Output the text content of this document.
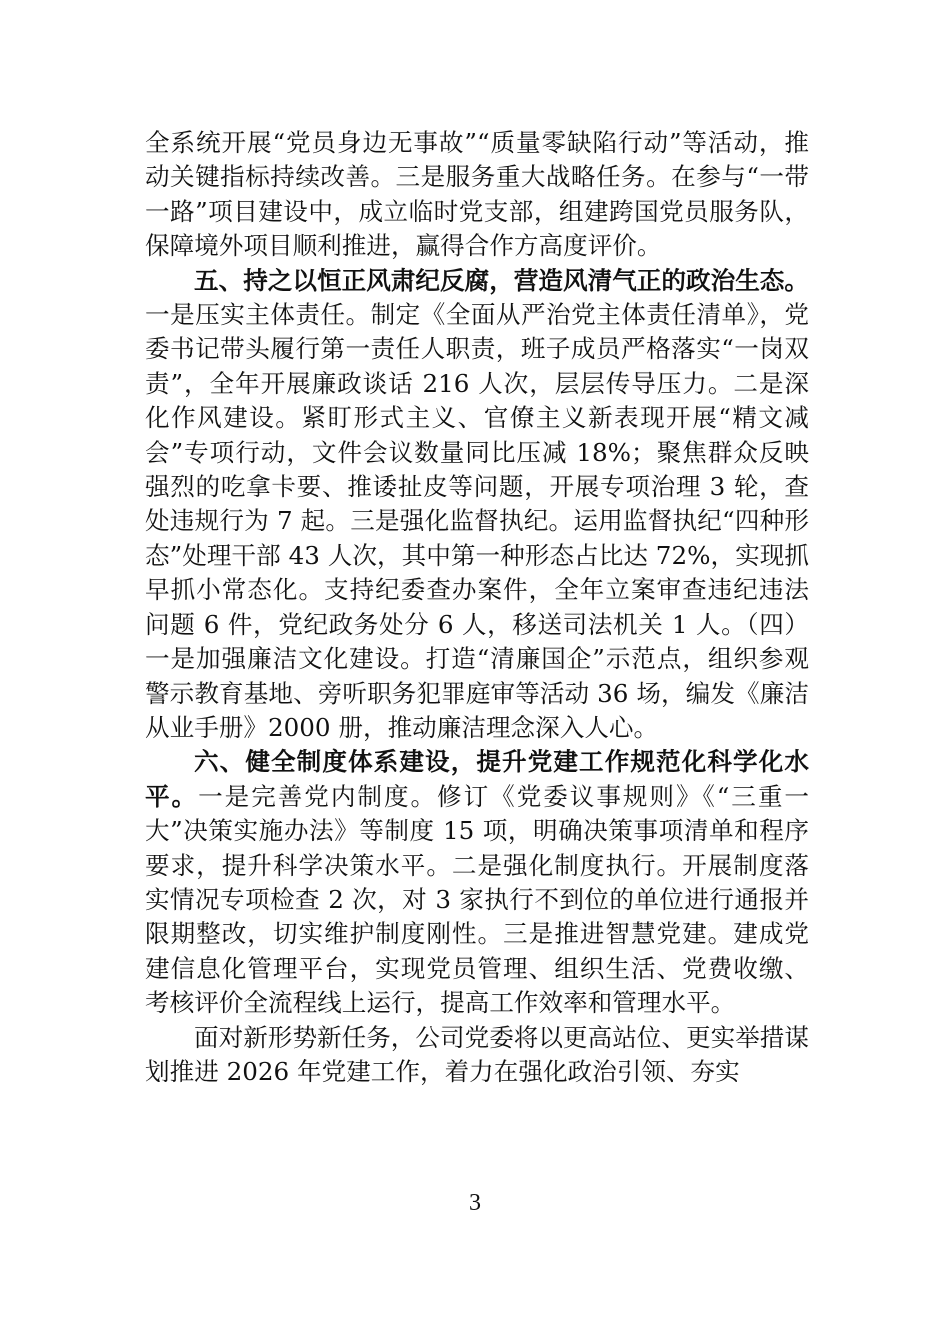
全系统开展“党员身边无事故”“质量零缺陷行动”等活动，推动关键指标持续改善。三是服务重大战略任务。在参与“一带一路”项目建设中，成立临时党支部，组建跨国党员服务队，保障境外项目顺利推进，赢得合作方高度评价。

五、持之以恒正风肃纪反腐，营造风清气正的政治生态。一是压实主体责任。制定《全面从严治党主体责任清单》，党委书记带头履行第一责任人职责，班子成员严格落实“一岗双责”，全年开展廉政谈话 216 人次，层层传导压力。二是深化作风建设。紧盯形式主义、官僚主义新表现开展“精文减会”专项行动，文件会议数量同比压减 18%；聚焦群众反映强烈的吃拿卡要、推诿扯皮等问题，开展专项治理 3 轮，查处违规行为 7 起。三是强化监督执纪。运用监督执纪“四种形态”处理干部 43 人次，其中第一种形态占比达 72%，实现抓早抓小常态化。支持纪委查办案件，全年立案审查违纪违法问题 6 件，党纪政务处分 6 人，移送司法机关 1 人。（四）一是加强廉洁文化建设。打造“清廉国企”示范点，组织参观警示教育基地、旁听职务犯罪庭审等活动 36 场，编发《廉洁从业手册》2000 册，推动廉洁理念深入人心。

六、健全制度体系建设，提升党建工作规范化科学化水平。一是完善党内制度。修订《党委议事规则》《“三重一大”决策实施办法》等制度 15 项，明确决策事项清单和程序要求，提升科学决策水平。二是强化制度执行。开展制度落实情况专项检查 2 次，对 3 家执行不到位的单位进行通报并限期整改，切实维护制度刚性。三是推进智慧党建。建成党建信息化管理平台，实现党员管理、组织生活、党费收缴、考核评价全流程线上运行，提高工作效率和管理水平。

面对新形势新任务，公司党委将以更高站位、更实举措谋划推进 2026 年党建工作，着力在强化政治引领、夯实

3
